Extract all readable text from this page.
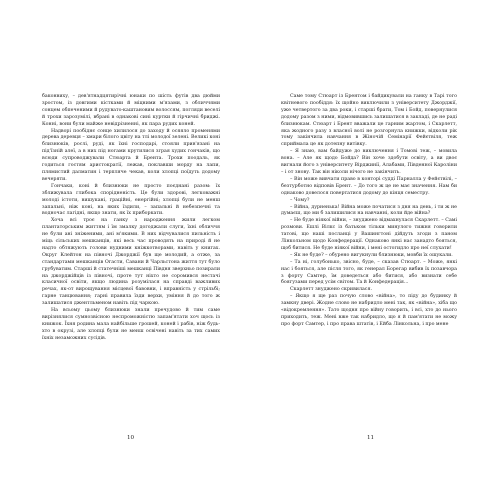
баконвиху, – дев'ятнадцятирічні юнаки по шість футів два дюйми зростом, із довгими кістками й міцними м'язами, з обличчями сонцем обпеченими й рудувато-каштановим волоссям, погляди веселі й трохи зарозумілі, вбрані в однакові сині куртки й гірчичні бриджі. Конні, вони були майже невідрізненні, як пара рудих коней.

Надворі пообіднє сонце хилилося до заходу й осяяло променями дерева деревця – хмари білого цвіту на тлі молодої зелені. Великі конi близнюків, рослi, руді, як їхні господарі, стояли прив'язані на під'їзній алеї, а в них під ногами крутилися зграя худих гончаків, що всюди супроводжували Стюарта й Брента. Трохи поодаль, як годиться гостям аристократії, лежав, поклавши морду на лапи, плямистий далматин і терпляче чекав, коли хлопці поїдуть додому вечеряти.

Гончаки, коні й близнюки не просто поєднані разом: їх зближувала глибока спорідненість. Це були здорові, легковажні молоді істоти, вишукані, граційні, енергійні; хлопці були не менш запальні, ніж коні, на яких їздили, – запальні й небезпечні та водночас лагідні, якщо знати, як їх приборкати.

Хоча всі троє на ганку з народження жили легком плантаторським життям і їм змалку догоджали слуги, їхні обличчя не були ані зніженими, ані м'якими. В них відчувалися пильність і міць сільських мешканців, які весь час проводять на природі й не надто обтяжують голови нудними кніжкотворами, навіть у книгах. Округ Клейтон на півночі Джорджії був ще молодий, а отже, за стандартами мешканців Огасти, Савани й Чарльстона життя тут було грубуватим. Старші й статечніші мешканці Півдня зверхньо позирали на джорджійців із півночі, проте тут ніхто не соромився нестачі класичної освіти, якщо людина розумілася на справді важливих речах, як-от вирощування місцевої бавовни, і вправність у стрільбі; гарне танцювання; гарні правила їзди верхи, уміння й до того ж залишатися джентльменом навіть під чаркою.

На всьому цьому близнюки знали пречудово й тим саме вирізнялися сумнозвісною неспроможністю запам'ятати хоч щось із книжок. Їхня родина мала найбільше грошей, коней і рабів, ніж будь-хто в окрузі, але хлопці були не менш освічені навіть за тих самих їхніх незаможних сусідів.

10

Саме тому Стюарт із Брентом і байдикували на ганку в Тарі того квітневого пообіддя: їх щойно виключили з університету Джорджії, уже четвертого за два роки, і старші брати, Том і Бойд, повернулися додому разом з ними, відмовившись залишатися в закладі, де не раді близнюкам. Стюарт і Брент вважали це гарним жартом, і Скарлетт, яка жодного разу з власної волі не розгорнула книжки, відколи рік тому закінчила навчання в Жіночій Семінарії Фейєтвіля, теж сприймала це як дотепну витівку.

– Я знаю, вам байдуже до виключення і Томові теж, – мовила вона. – Але як щодо Бойда? Він хоче здобути освіту, а ви двоє вигнали його з університету Вірджинії, Алабами, Південної Кароліни – і от знову. Так він ніколи нічого не закінчить.

– Він може вивчати право в конторі судді Парналла у Фейєтвілі, – безтурботно відповів Брент. – До того ж це не має значення. Нам би однаково довелося повертатися додому до кінця семестру.

– Чому?

– Війна, дурненька! Війна може початися з дня на день, і ти ж не думаєш, що ми б залишилися на навчанні, коли йде війна?

– Не буде ніякої війни, – знуджено відмахнулася Скарлетт. – Самі розмови. Ешлі Вілкс із батьком тільки минулого тижня говорили татові, що наші посланці у Вашингтоні дійдуть згоди з паном Лінкольном щодо Конфедерації. Однаково янкі нас занадто бояться, щоб битися. Не буде ніякої війни, і мені остогидло про неї слухати!

– Як не буде? – обурено вигукнули близнюки, мовби їх ошукали.

– Та ні, голубонько, звісно, буде, – сказав Стюарт. – Може, янкі нас і бояться, але після того, як генерал Борегар вибив їх позавчора з форту Самтер, їм доведеться або битися, або визнати себе боягузами перед усім світом. Та й Конфедерація...

Скарлетт знуджено скривилася.

– Якщо я ще раз почую слово «війна», то піду до будинку й замкну двері. Жодне слово не набридло мені так, як «війна», хіба що «відокремлення». Тато щодня про війну говорить, і всі, хто до нього приходить, теж. Мені вже так набридло, що я й пам'ятати не можу про форт Самтер, і про права штатів, і Ейба Лінкольна, і про мене

11
